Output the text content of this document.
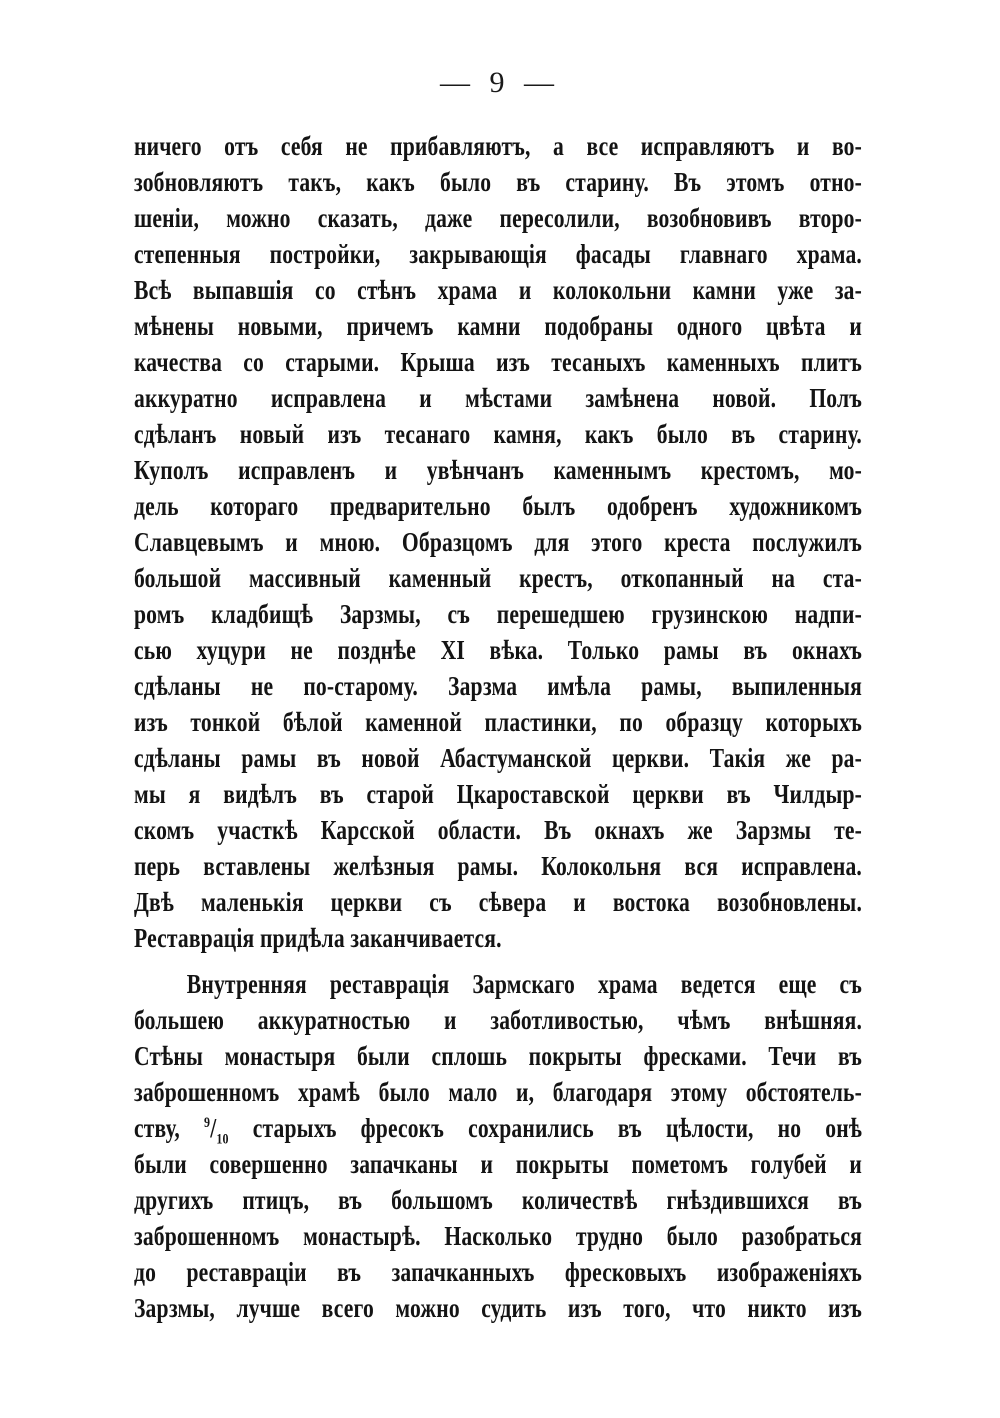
— 9 —
ничего отъ себя не прибавляютъ, а все исправляютъ и во-
зобновляютъ такъ, какъ было въ старину. Въ этомъ отно-
шеніи, можно сказать, даже пересолили, возобновивъ второ-
степенныя постройки, закрывающія фасады главнаго храма.
Всѣ выпавшія со стѣнъ храма и колокольни камни уже за-
мѣнены новыми, причемъ камни подобраны одного цвѣта и
качества со старыми. Крыша изъ тесаныхъ каменныхъ плитъ
аккуратно исправлена и мѣстами замѣнена новой. Полъ
сдѣланъ новый изъ тесанаго камня, какъ было въ старину.
Куполъ исправленъ и увѣнчанъ каменнымъ крестомъ, мо-
дель котораго предварительно былъ одобренъ художникомъ
Славцевымъ и мною. Образцомъ для этого креста послужилъ
большой массивный каменный крестъ, откопанный на ста-
ромъ кладбищѣ Зарзмы, съ перешедшею грузинскою надпи-
сью хуцури не позднѣе XI вѣка. Только рамы въ окнахъ
сдѣланы не по-старому. Зарзма имѣла рамы, выпиленныя
изъ тонкой бѣлой каменной пластинки, по образцу которыхъ
сдѣланы рамы въ новой Абастуманской церкви. Такія же ра-
мы я видѣлъ въ старой Цкароставской церкви въ Чилдыр-
скомъ участкѣ Карсской области. Въ окнахъ же Зарзмы те-
перь вставлены желѣзныя рамы. Колокольня вся исправлена.
Двѣ маленькія церкви съ сѣвера и востока возобновлены.
Реставрація придѣла заканчивается.
Внутренняя реставрація Зармскаго храма ведется еще съ
большею аккуратностью и заботливостью, чѣмъ внѣшняя.
Стѣны монастыря были сплошь покрыты фресками. Течи въ
заброшенномъ храмѣ было мало и, благодаря этому обстоятель-
ству, $^9/_{10}$ старыхъ фресокъ сохранились въ цѣлости, но онѣ
были совершенно запачканы и покрыты пометомъ голубей и
другихъ птицъ, въ большомъ количествѣ гнѣздившихся въ
заброшенномъ монастырѣ. Насколько трудно было разобраться
до реставраціи въ запачканныхъ фресковыхъ изображеніяхъ
Зарзмы, лучше всего можно судить изъ того, что никто изъ
